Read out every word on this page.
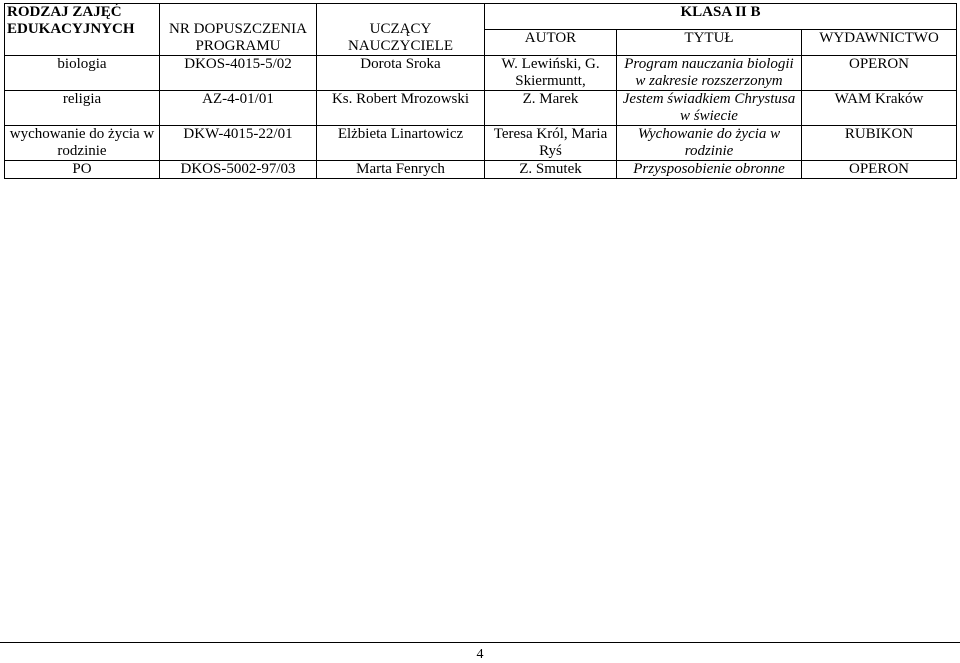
RODZAJ ZAJĘĆ EDUKACYJNYCH	NR DOPUSZCZENIA PROGRAMU	UCZĄCY NAUCZYCIELE	KLASA II B		
			AUTOR	TYTUŁ	WYDAWNICTWO
biologia	DKOS-4015-5/02	Dorota Sroka	W. Lewiński, G. Skiermuntt,	Program nauczania biologii w zakresie rozszerzonym	OPERON
religia	AZ-4-01/01	Ks. Robert Mrozowski	Z. Marek	Jestem świadkiem Chrystusa w świecie	WAM Kraków
wychowanie do życia w rodzinie	DKW-4015-22/01	Elżbieta Linartowicz	Teresa Król, Maria Ryś	Wychowanie do życia w rodzinie	RUBIKON
PO	DKOS-5002-97/03	Marta Fenrych	Z. Smutek	Przysposobienie obronne	OPERON
4
